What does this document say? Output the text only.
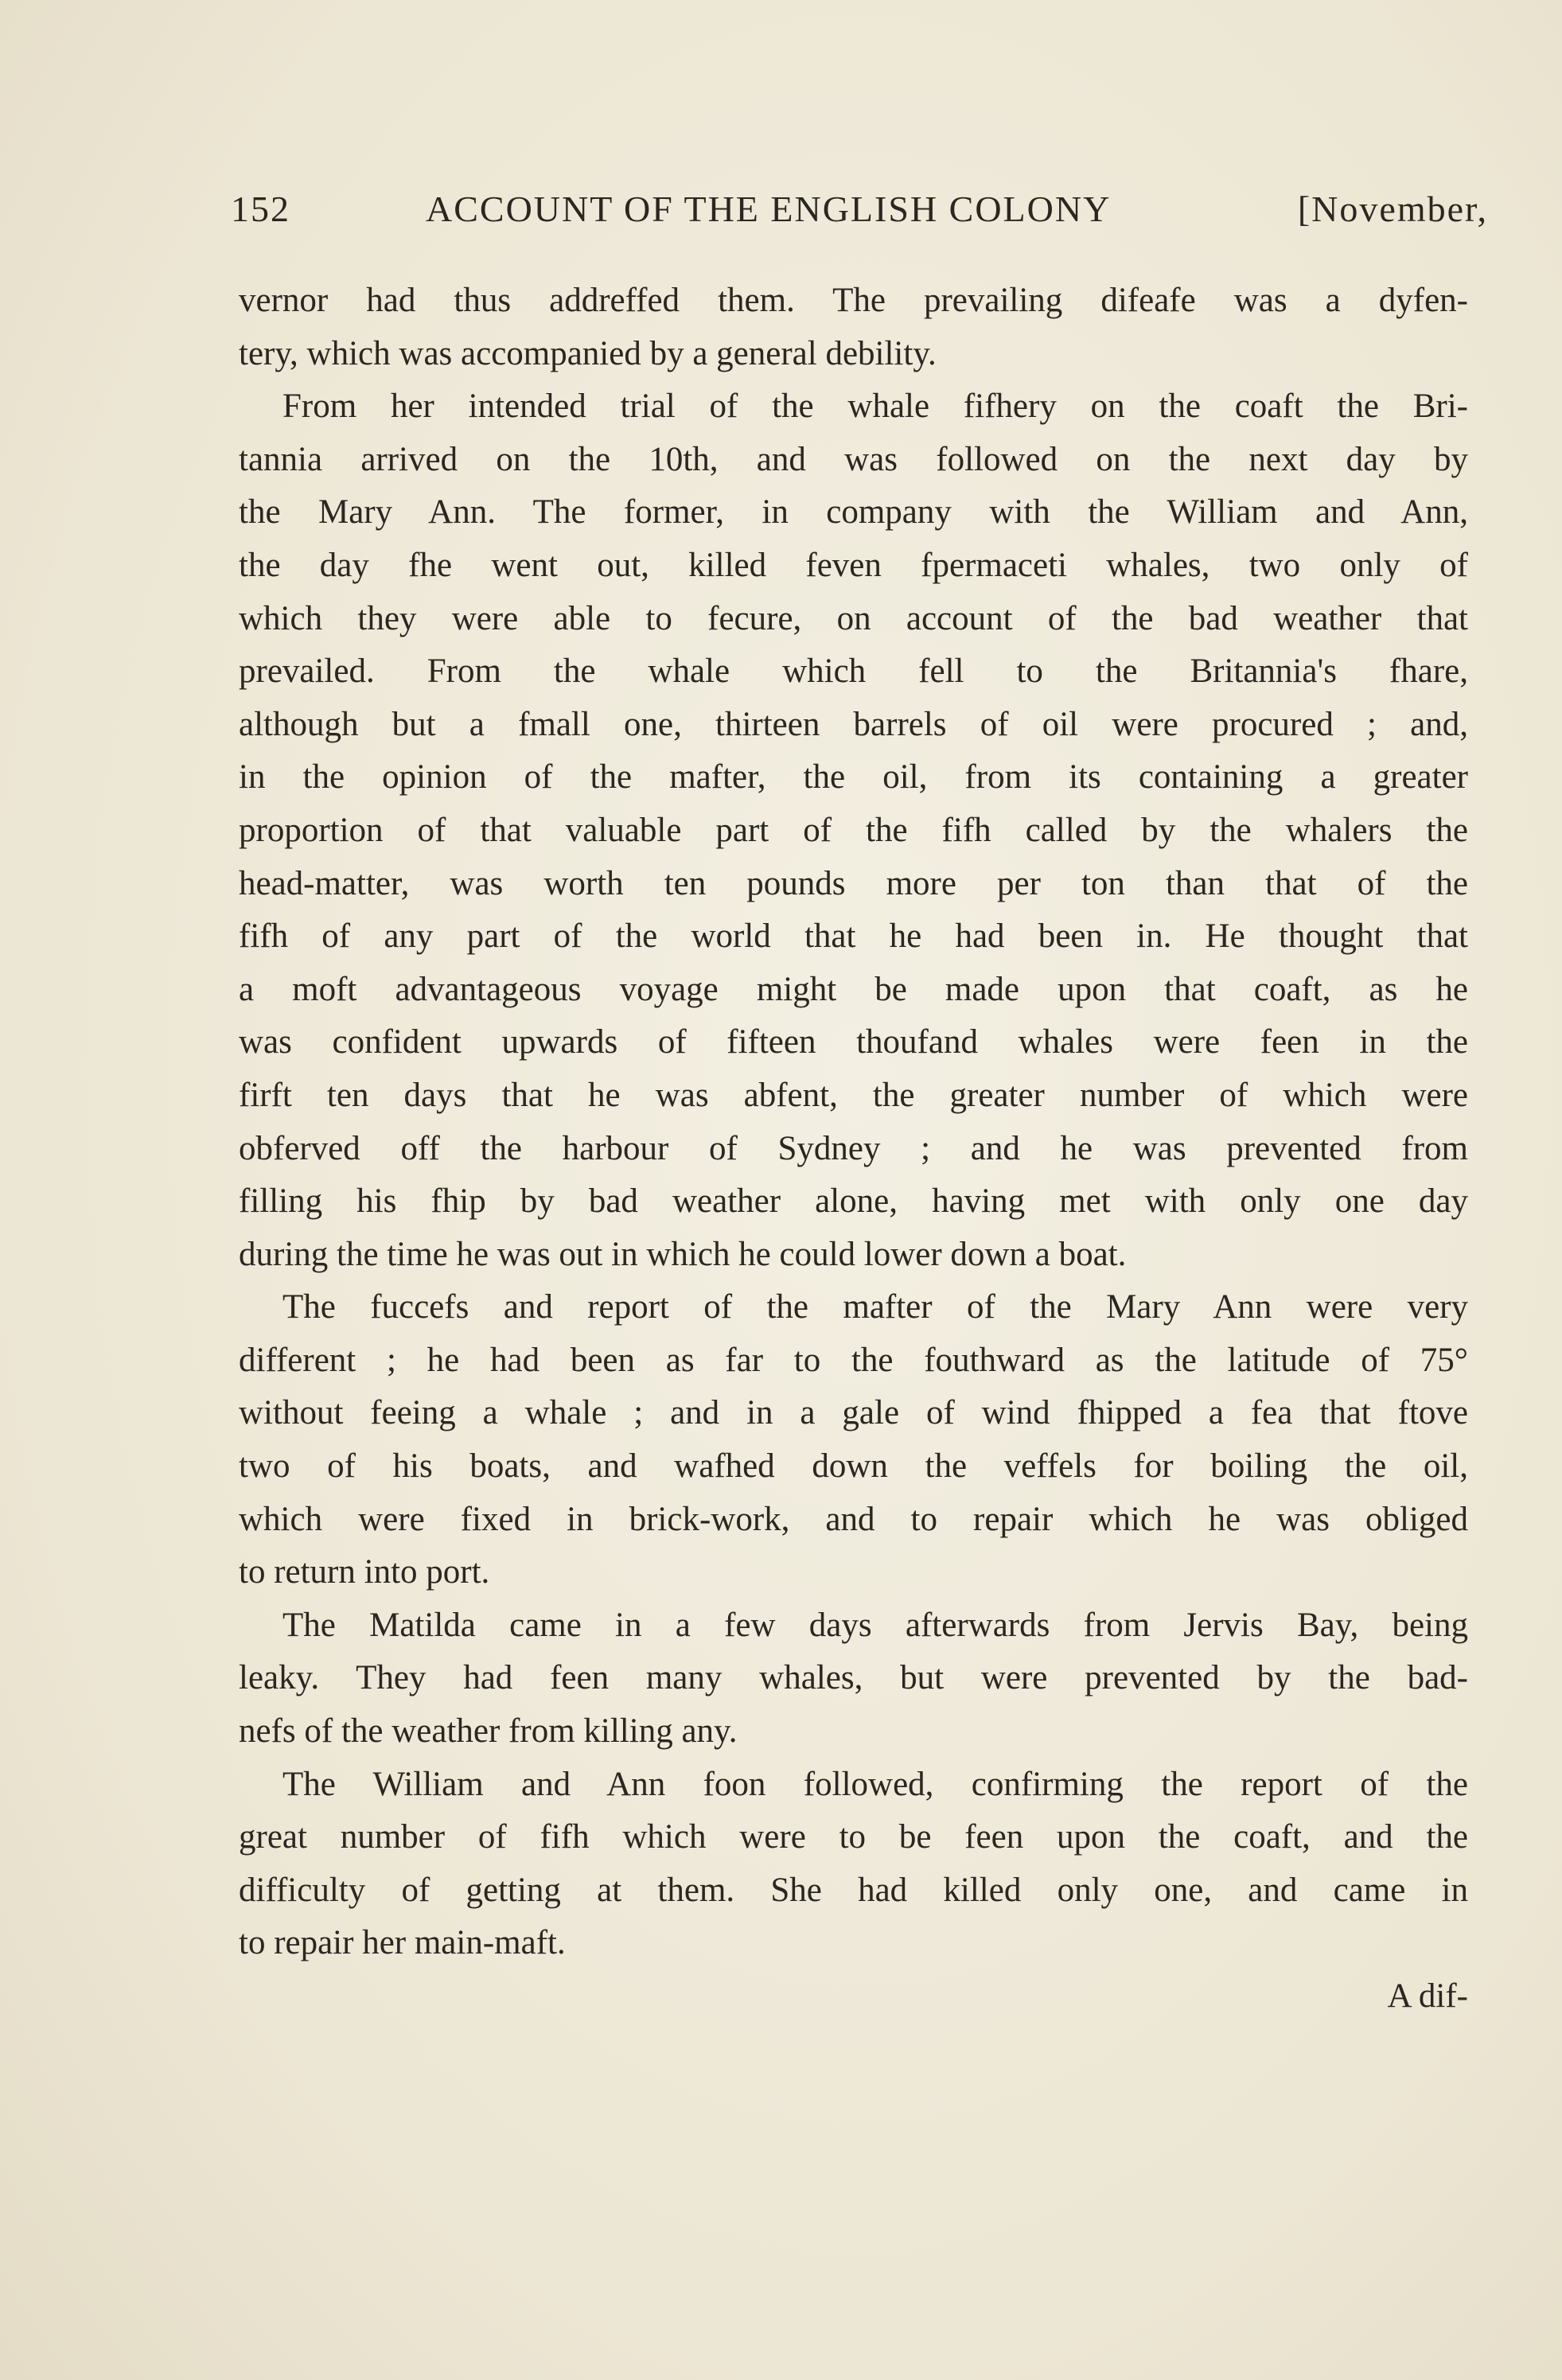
152	ACCOUNT OF THE ENGLISH COLONY	[November,
vernor had thus addreffed them. The prevailing difeafe was a dyfen-
tery, which was accompanied by a general debility.
From her intended trial of the whale fifhery on the coaft the Bri-
tannia arrived on the 10th, and was followed on the next day by
the Mary Ann. The former, in company with the William and Ann,
the day fhe went out, killed feven fpermaceti whales, two only of
which they were able to fecure, on account of the bad weather that
prevailed. From the whale which fell to the Britannia's fhare,
although but a fmall one, thirteen barrels of oil were procured ; and,
in the opinion of the mafter, the oil, from its containing a greater
proportion of that valuable part of the fifh called by the whalers the
head-matter, was worth ten pounds more per ton than that of the
fifh of any part of the world that he had been in. He thought that
a moft advantageous voyage might be made upon that coaft, as he
was confident upwards of fifteen thoufand whales were feen in the
firft ten days that he was abfent, the greater number of which were
obferved off the harbour of Sydney ; and he was prevented from
filling his fhip by bad weather alone, having met with only one day
during the time he was out in which he could lower down a boat.
The fuccefs and report of the mafter of the Mary Ann were very
different ; he had been as far to the fouthward as the latitude of 75°
without feeing a whale ; and in a gale of wind fhipped a fea that ftove
two of his boats, and wafhed down the veffels for boiling the oil,
which were fixed in brick-work, and to repair which he was obliged
to return into port.
The Matilda came in a few days afterwards from Jervis Bay, being
leaky. They had feen many whales, but were prevented by the bad-
nefs of the weather from killing any.
The William and Ann foon followed, confirming the report of the
great number of fifh which were to be feen upon the coaft, and the
difficulty of getting at them. She had killed only one, and came in
to repair her main-maft.
A dif-
